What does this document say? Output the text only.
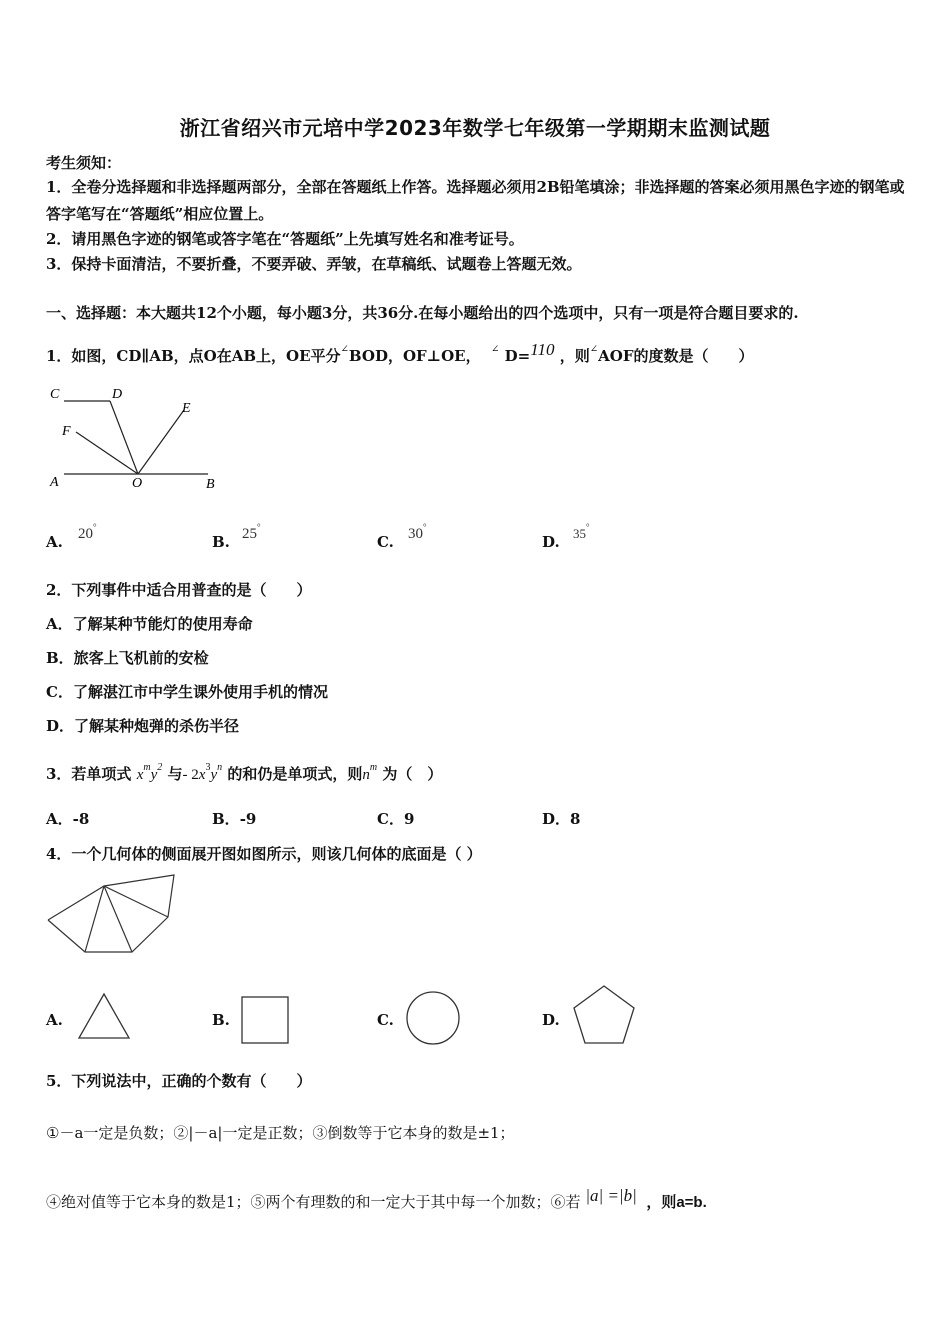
浙江省绍兴市元培中学2023年数学七年级第一学期期末监测试题
考生须知：
1．全卷分选择题和非选择题两部分，全部在答题纸上作答。选择题必须用2B铅笔填涂；非选择题的答案必须用黑色字迹的钢笔或答字笔写在“答题纸”相应位置上。
2．请用黑色字迹的钢笔或答字笔在“答题纸”上先填写姓名和准考证号。
3．保持卡面清洁，不要折叠，不要弄破、弄皱，在草稿纸、试题卷上答题无效。
一、选择题：本大题共12个小题，每小题3分，共36分.在每小题给出的四个选项中，只有一项是符合题目要求的.
1．如图，CD∥AB，点O在AB上，OE平分∠BOD，OF⊥OE， ∠ D=110 ，则∠AOF的度数是（　　）
C	D
E
F
A	O	B
A. 20°
B. 25°
C. 30°
D. 35°
2．下列事件中适合用普查的是（　　）
A．了解某种节能灯的使用寿命
B．旅客上飞机前的安检
C．了解湛江市中学生课外使用手机的情况
D．了解某种炮弹的杀伤半径
3．若单项式 $x^my^2$ 与- $2x^3y^n$ 的和仍是单项式，则$n^m$ 为（　）
A．-8	B．-9	C．9	D．8
4．一个几何体的侧面展开图如图所示，则该几何体的底面是（ ）
A.	B.	C.	D.
5．下列说法中，正确的个数有（　　）
①－a一定是负数；②|－a|一定是正数；③倒数等于它本身的数是±1；
④绝对值等于它本身的数是1；⑤两个有理数的和一定大于其中每一个加数；⑥若 |a| =|b| ，则a=b.
